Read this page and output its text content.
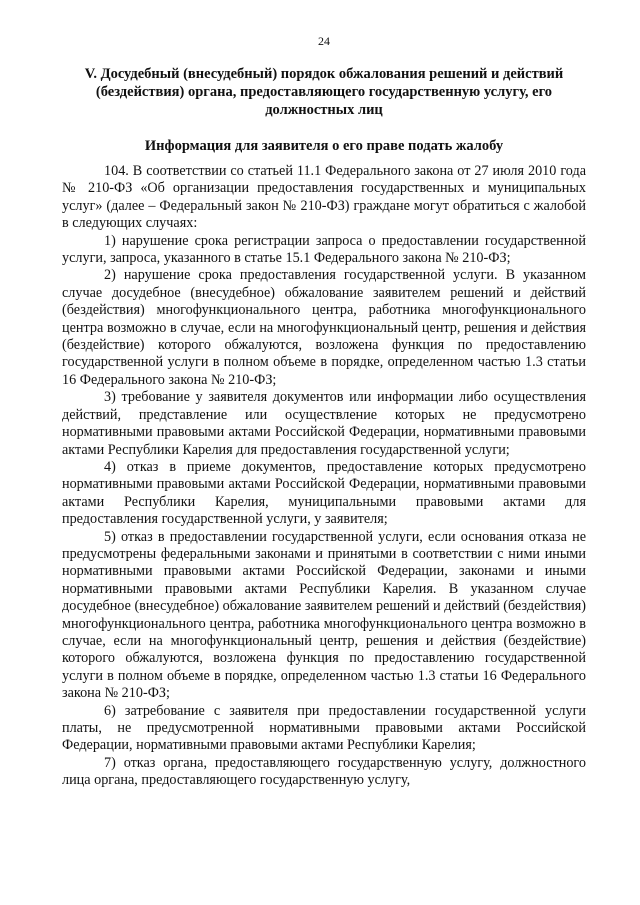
24
V. Досудебный (внесудебный) порядок обжалования решений и действий (бездействия) органа, предоставляющего государственную услугу, его должностных лиц
Информация для заявителя о его праве подать жалобу

104. В соответствии со статьей 11.1 Федерального закона от 27 июля 2010 года № 210-ФЗ «Об организации предоставления государственных и муниципальных услуг» (далее – Федеральный закон № 210-ФЗ) граждане могут обратиться с жалобой в следующих случаях:

1) нарушение срока регистрации запроса о предоставлении государственной услуги, запроса, указанного в статье 15.1 Федерального закона № 210-ФЗ;

2) нарушение срока предоставления государственной услуги. В указанном случае досудебное (внесудебное) обжалование заявителем решений и действий (бездействия) многофункционального центра, работника многофункционального центра возможно в случае, если на многофункциональный центр, решения и действия (бездействие) которого обжалуются, возложена функция по предоставлению государственной услуги в полном объеме в порядке, определенном частью 1.3 статьи 16 Федерального закона № 210-ФЗ;

3) требование у заявителя документов или информации либо осуществления действий, представление или осуществление которых не предусмотрено нормативными правовыми актами Российской Федерации, нормативными правовыми актами Республики Карелия для предоставления государственной услуги;

4) отказ в приеме документов, предоставление которых предусмотрено нормативными правовыми актами Российской Федерации, нормативными правовыми актами Республики Карелия, муниципальными правовыми актами для предоставления государственной услуги, у заявителя;

5) отказ в предоставлении государственной услуги, если основания отказа не предусмотрены федеральными законами и принятыми в соответствии с ними иными нормативными правовыми актами Российской Федерации, законами и иными нормативными правовыми актами Республики Карелия. В указанном случае досудебное (внесудебное) обжалование заявителем решений и действий (бездействия) многофункционального центра, работника многофункционального центра возможно в случае, если на многофункциональный центр, решения и действия (бездействие) которого обжалуются, возложена функция по предоставлению государственной услуги в полном объеме в порядке, определенном частью 1.3 статьи 16 Федерального закона № 210-ФЗ;

6) затребование с заявителя при предоставлении государственной услуги платы, не предусмотренной нормативными правовыми актами Российской Федерации, нормативными правовыми актами Республики Карелия;

7) отказ органа, предоставляющего государственную услугу, должностного лица органа, предоставляющего государственную услугу,
